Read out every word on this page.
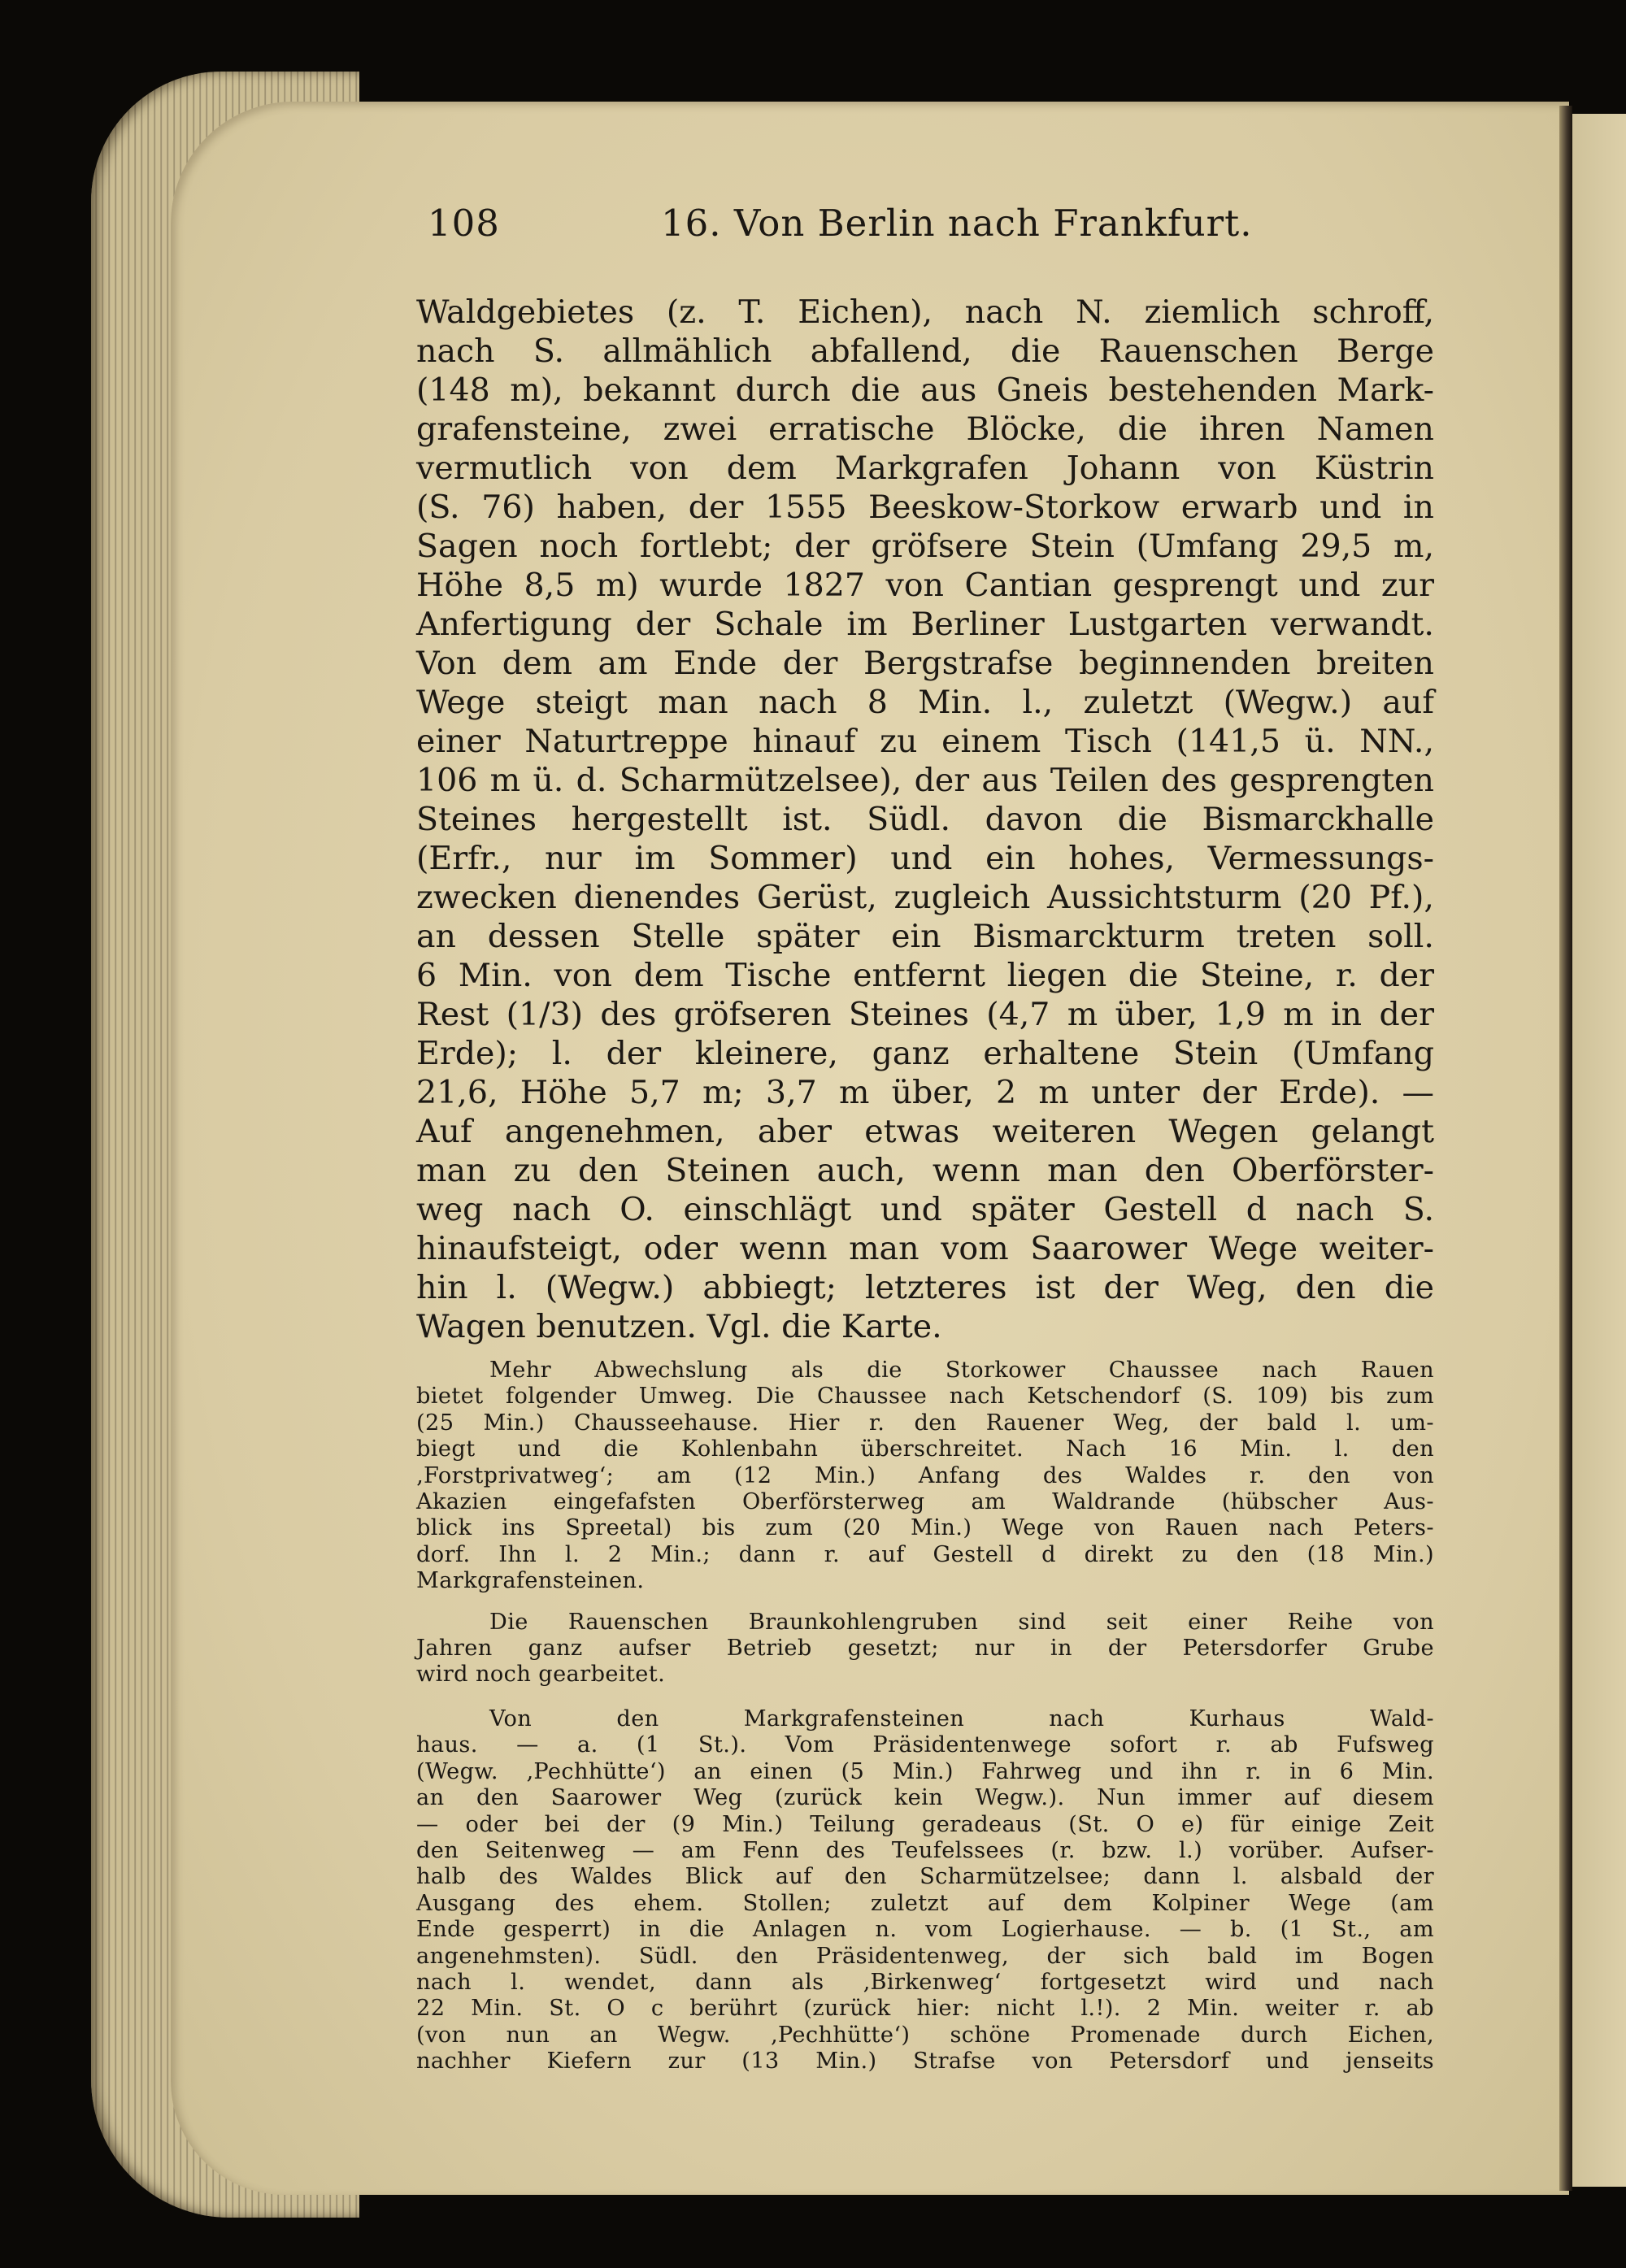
108	16. Von Berlin nach Frankfurt.
Waldgebietes (z. T. Eichen), nach N. ziemlich schroff,
nach S. allmählich abfallend, die Rauenschen Berge
(148 m), bekannt durch die aus Gneis bestehenden Mark-
grafensteine, zwei erratische Blöcke, die ihren Namen
vermutlich von dem Markgrafen Johann von Küstrin
(S. 76) haben, der 1555 Beeskow-Storkow erwarb und in
Sagen noch fortlebt; der gröfsere Stein (Umfang 29,5 m,
Höhe 8,5 m) wurde 1827 von Cantian gesprengt und zur
Anfertigung der Schale im Berliner Lustgarten verwandt.
Von dem am Ende der Bergstrafse beginnenden breiten
Wege steigt man nach 8 Min. l., zuletzt (Wegw.) auf
einer Naturtreppe hinauf zu einem Tisch (141,5 ü. NN.,
106 m ü. d. Scharmützelsee), der aus Teilen des gesprengten
Steines hergestellt ist. Südl. davon die Bismarckhalle
(Erfr., nur im Sommer) und ein hohes, Vermessungs-
zwecken dienendes Gerüst, zugleich Aussichtsturm (20 Pf.),
an dessen Stelle später ein Bismarckturm treten soll.
6 Min. von dem Tische entfernt liegen die Steine, r. der
Rest (1/3) des gröfseren Steines (4,7 m über, 1,9 m in der
Erde); l. der kleinere, ganz erhaltene Stein (Umfang
21,6, Höhe 5,7 m; 3,7 m über, 2 m unter der Erde). —
Auf angenehmen, aber etwas weiteren Wegen gelangt
man zu den Steinen auch, wenn man den Oberförster-
weg nach O. einschlägt und später Gestell d nach S.
hinaufsteigt, oder wenn man vom Saarower Wege weiter-
hin l. (Wegw.) abbiegt; letzteres ist der Weg, den die
Wagen benutzen. Vgl. die Karte.
Mehr Abwechslung als die Storkower Chaussee nach Rauen
bietet folgender Umweg. Die Chaussee nach Ketschendorf (S. 109) bis zum
(25 Min.) Chausseehause. Hier r. den Rauener Weg, der bald l. um-
biegt und die Kohlenbahn überschreitet. Nach 16 Min. l. den
‚Forstprivatweg‘; am (12 Min.) Anfang des Waldes r. den von
Akazien eingefafsten Oberförsterweg am Waldrande (hübscher Aus-
blick ins Spreetal) bis zum (20 Min.) Wege von Rauen nach Peters-
dorf. Ihn l. 2 Min.; dann r. auf Gestell d direkt zu den (18 Min.)
Markgrafensteinen.
Die Rauenschen Braunkohlengruben sind seit einer Reihe von
Jahren ganz aufser Betrieb gesetzt; nur in der Petersdorfer Grube
wird noch gearbeitet.
Von den Markgrafensteinen nach Kurhaus Wald-
haus. — a. (1 St.). Vom Präsidentenwege sofort r. ab Fufsweg
(Wegw. ‚Pechhütte‘) an einen (5 Min.) Fahrweg und ihn r. in 6 Min.
an den Saarower Weg (zurück kein Wegw.). Nun immer auf diesem
— oder bei der (9 Min.) Teilung geradeaus (St. O e) für einige Zeit
den Seitenweg — am Fenn des Teufelssees (r. bzw. l.) vorüber. Aufser-
halb des Waldes Blick auf den Scharmützelsee; dann l. alsbald der
Ausgang des ehem. Stollen; zuletzt auf dem Kolpiner Wege (am
Ende gesperrt) in die Anlagen n. vom Logierhause. — b. (1 St., am
angenehmsten). Südl. den Präsidentenweg, der sich bald im Bogen
nach l. wendet, dann als ‚Birkenweg‘ fortgesetzt wird und nach
22 Min. St. O c berührt (zurück hier: nicht l.!). 2 Min. weiter r. ab
(von nun an Wegw. ‚Pechhütte‘) schöne Promenade durch Eichen,
nachher Kiefern zur (13 Min.) Strafse von Petersdorf und jenseits
